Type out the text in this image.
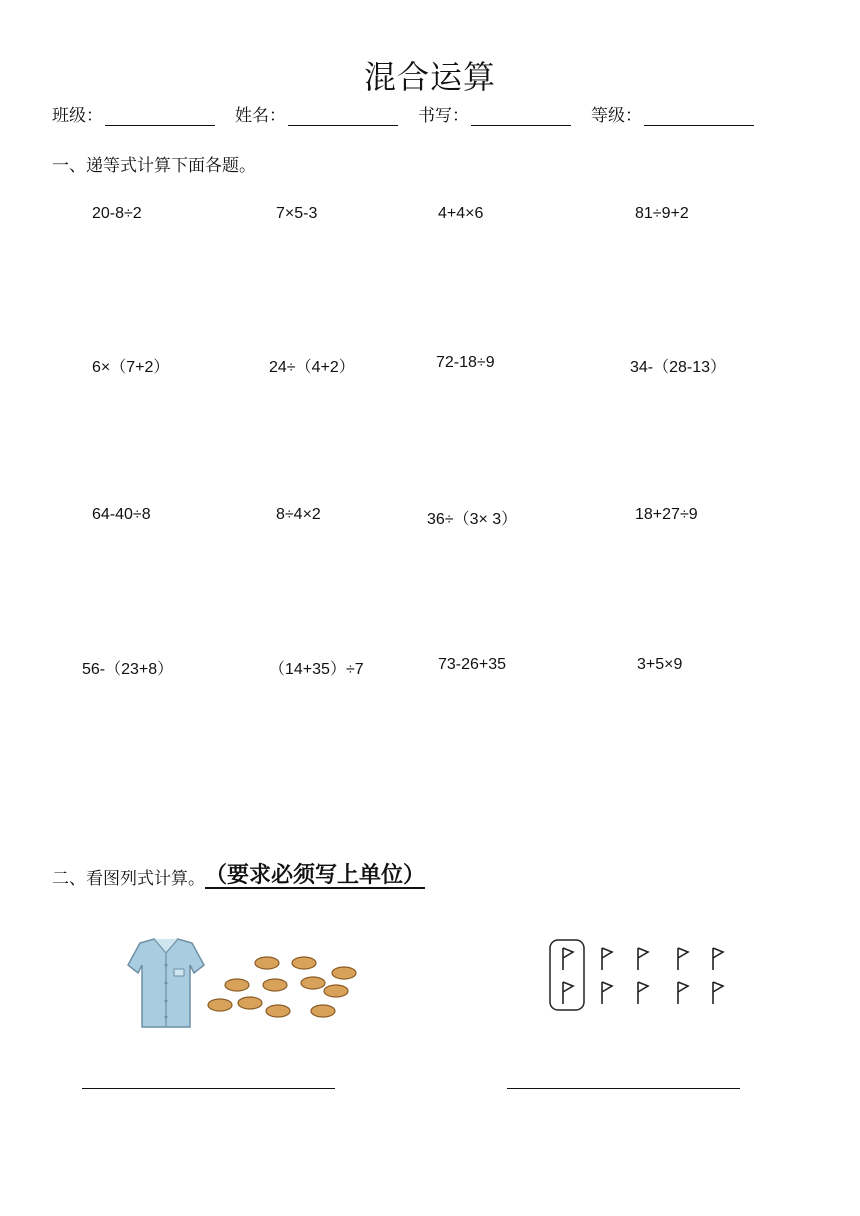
混合运算
班级：	姓名：	书写：	等级：
一、递等式计算下面各题。
20-8÷2	7×5-3	4+4×6	81÷9+2
6×（7+2）	24÷（4+2）	72-18÷9	34-（28-13）
64-40÷8	8÷4×2	36÷（3× 3）	18+27÷9
56-（23+8）	（14+35）÷7	73-26+35	3+5×9
二、看图列式计算。 （要求必须写上单位）
